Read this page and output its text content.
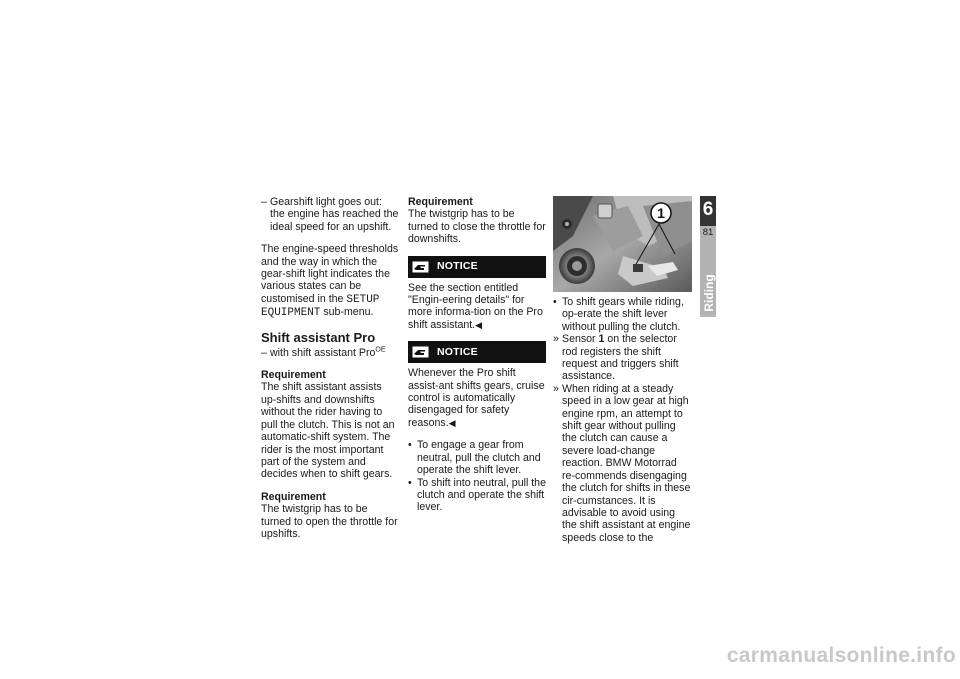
– Gearshift light goes out: the engine has reached the ideal speed for an upshift.

The engine-speed thresholds and the way in which the gear-shift light indicates the various states can be customised in the SETUP EQUIPMENT sub-menu.

Shift assistant Pro
– with shift assistant Pro$^{OE}$
Requirement

The shift assistant assists up-shifts and downshifts without the rider having to pull the clutch. This is not an automatic-shift system. The rider is the most important part of the system and decides when to shift gears.

Requirement

The twistgrip has to be turned to open the throttle for upshifts.

Requirement

The twistgrip has to be turned to close the throttle for downshifts.

NOTICE

See the section entitled "Engin-eering details" for more informa-tion on the Pro shift assistant.◀

NOTICE

Whenever the Pro shift assist-ant shifts gears, cruise control is automatically disengaged for safety reasons.◀

• To engage a gear from neutral, pull the clutch and operate the shift lever.
• To shift into neutral, pull the clutch and operate the shift lever.
1
• To shift gears while riding, op-erate the shift lever without pulling the clutch.
» Sensor 1 on the selector rod registers the shift request and triggers shift assistance.
» When riding at a steady speed in a low gear at high engine rpm, an attempt to shift gear without pulling the clutch can cause a severe load-change reaction. BMW Motorrad re-commends disengaging the clutch for shifts in these cir-cumstances. It is advisable to avoid using the shift assistant at engine speeds close to the
6
81
Riding
carmanualsonline.info
